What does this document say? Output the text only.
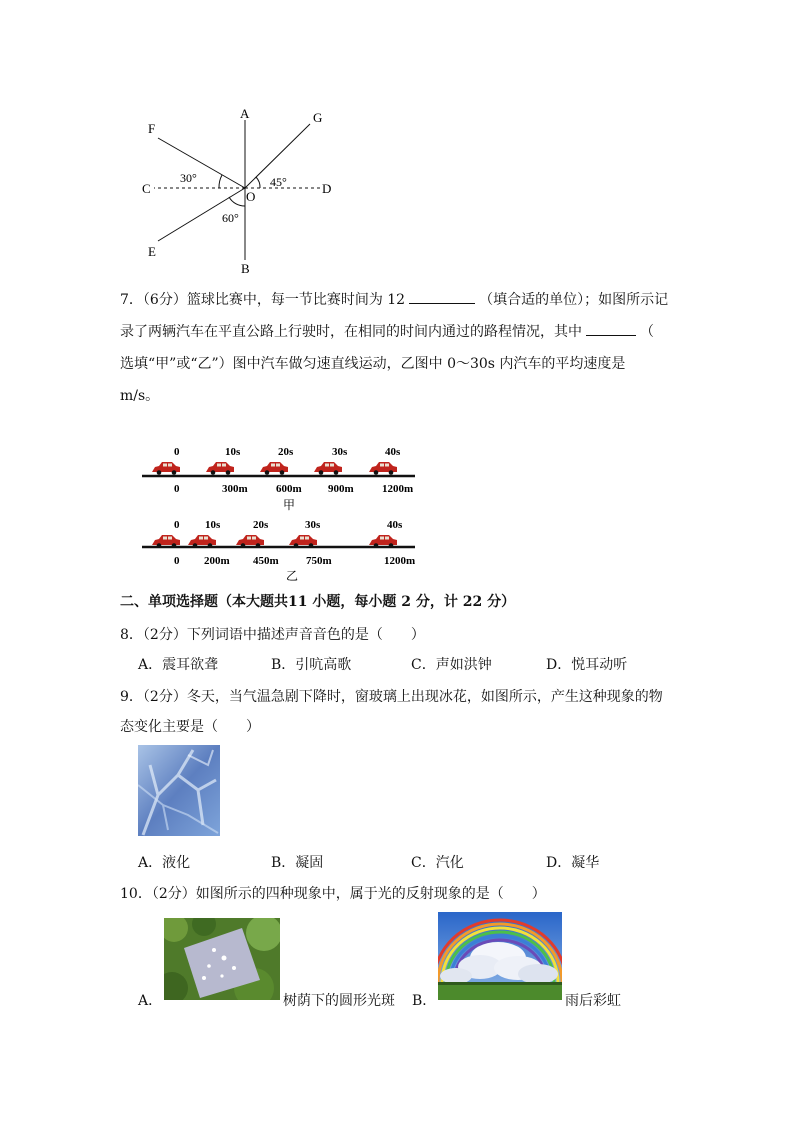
A
B
C	D
E
F
G
O
30°	45°
60°
7．（6分）篮球比赛中，每一节比赛时间为 12	（填合适的单位）；如图所示记
录了两辆汽车在平直公路上行驶时，在相同的时间内通过的路程情况，其中	（
选填“甲”或“乙”）图中汽车做匀速直线运动，乙图中 0～30s 内汽车的平均速度是
m/s。
0	10s	20s	30s	40s
0	300m	600m 900m	1200m
甲
0 10s	20s	30s	40s
0 200m 450m 750m	1200m
乙
二、单项选择题（本大题共11 小题，每小题 2 分，计 22 分）
8．（2分）下列词语中描述声音音色的是（　　）
A．震耳欲聋	B．引吭高歌	C．声如洪钟	D．悦耳动听
9．（2分）冬天，当气温急剧下降时，窗玻璃上出现冰花，如图所示，产生这种现象的物
态变化主要是（　　）
A．液化	B．凝固	C．汽化	D．凝华
10．（2分）如图所示的四种现象中，属于光的反射现象的是（　　）
A．	树荫下的圆形光斑 B．	雨后彩虹
